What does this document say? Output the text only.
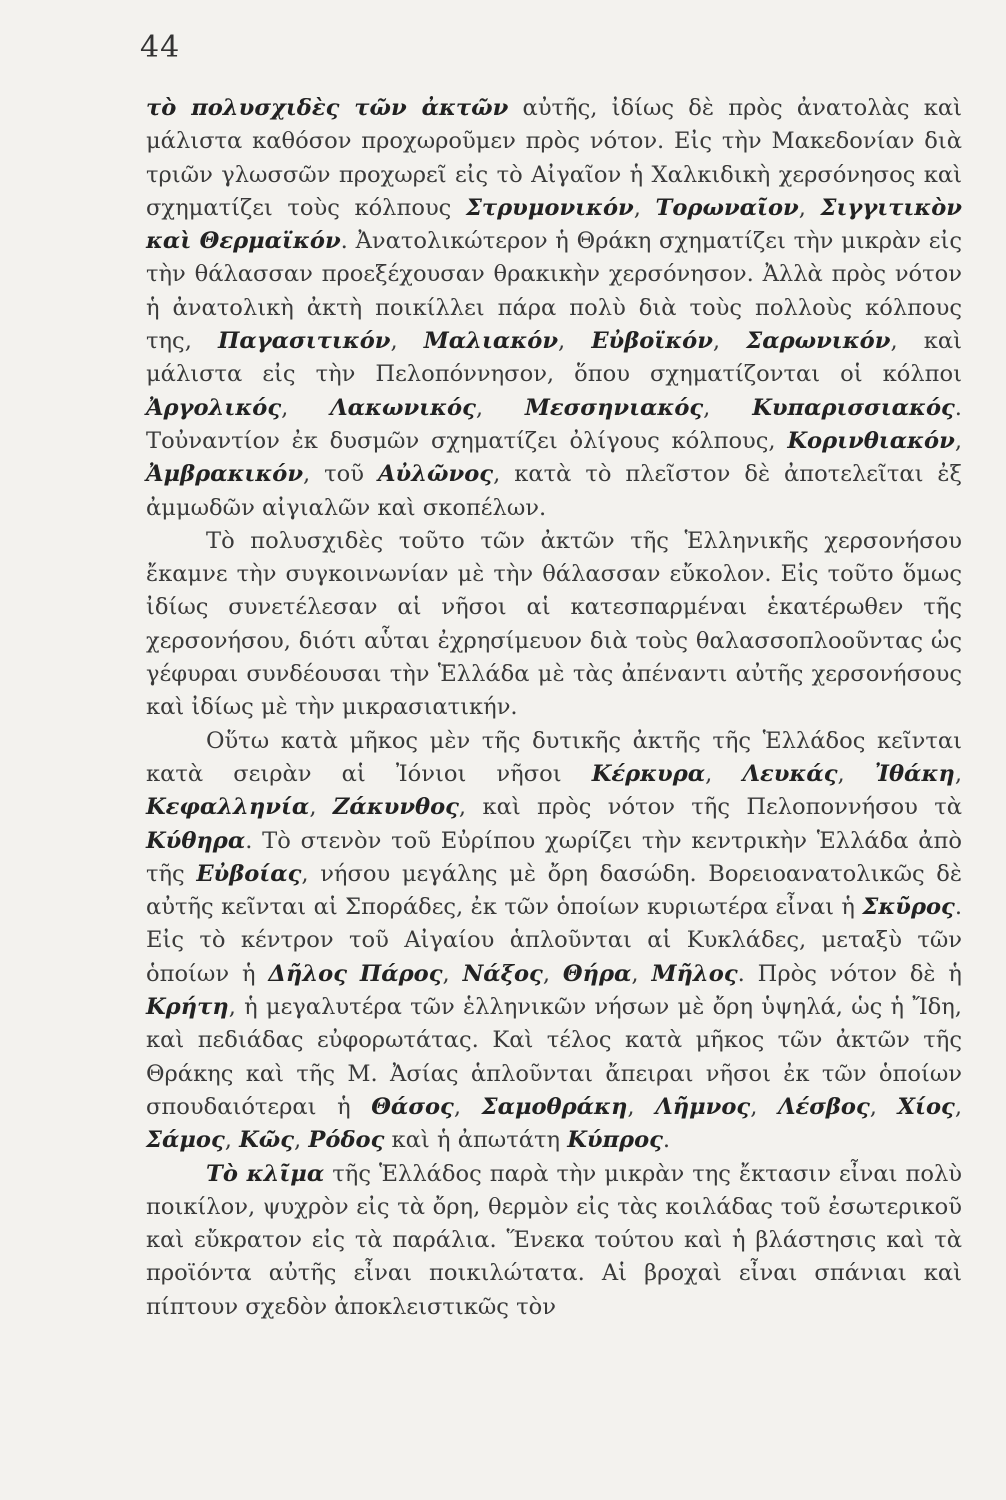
44

τὸ πολυσχιδὲς τῶν ἀκτῶν αὐτῆς, ἰδίως δὲ πρὸς ἀνατολὰς καὶ μάλιστα καθόσον προχωροῦμεν πρὸς νότον. Εἰς τὴν Μακεδονίαν διὰ τριῶν γλωσσῶν προχωρεῖ εἰς τὸ Αἰγαῖον ἡ Χαλκιδικὴ χερσόνησος καὶ σχηματίζει τοὺς κόλπους Στρυμονικόν, Τορωναῖον, Σιγγιτικὸν καὶ Θερμαϊκόν. Ἀνατολικώτερον ἡ Θράκη σχηματίζει τὴν μικρὰν εἰς τὴν θάλασσαν προεξέχουσαν θρακικὴν χερσόνησον. Ἀλλὰ πρὸς νότον ἡ ἀνατολικὴ ἀκτὴ ποικίλλει πάρα πολὺ διὰ τοὺς πολλοὺς κόλπους της, Παγασιτικόν, Μαλιακόν, Εὐβοϊκόν, Σαρωνικόν, καὶ μάλιστα εἰς τὴν Πελοπόννησον, ὅπου σχηματίζονται οἱ κόλποι Ἀργολικός, Λακωνικός, Μεσσηνιακός, Κυπαρισσιακός. Τοὐναντίον ἐκ δυσμῶν σχηματίζει ὀλίγους κόλπους, Κορινθιακόν, Ἀμβρακικόν, τοῦ Αὐλῶνος, κατὰ τὸ πλεῖστον δὲ ἀποτελεῖται ἐξ ἀμμωδῶν αἰγιαλῶν καὶ σκοπέλων.

Τὸ πολυσχιδὲς τοῦτο τῶν ἀκτῶν τῆς Ἑλληνικῆς χερσονήσου ἔκαμνε τὴν συγκοινωνίαν μὲ τὴν θάλασσαν εὔκολον. Εἰς τοῦτο ὅμως ἰδίως συνετέλεσαν αἱ νῆσοι αἱ κατεσπαρμέναι ἑκατέρωθεν τῆς χερσονήσου, διότι αὗται ἐχρησίμευον διὰ τοὺς θαλασσοπλοοῦντας ὡς γέφυραι συνδέουσαι τὴν Ἑλλάδα μὲ τὰς ἀπέναντι αὐτῆς χερσονήσους καὶ ἰδίως μὲ τὴν μικρασιατικήν.

Οὕτω κατὰ μῆκος μὲν τῆς δυτικῆς ἀκτῆς τῆς Ἑλλάδος κεῖνται κατὰ σειρὰν αἱ Ἰόνιοι νῆσοι Κέρκυρα, Λευκάς, Ἰθάκη, Κεφαλληνία, Ζάκυνθος, καὶ πρὸς νότον τῆς Πελοποννήσου τὰ Κύθηρα. Τὸ στενὸν τοῦ Εὐρίπου χωρίζει τὴν κεντρικὴν Ἑλλάδα ἀπὸ τῆς Εὐβοίας, νήσου μεγάλης μὲ ὄρη δασώδη. Βορειοανατολικῶς δὲ αὐτῆς κεῖνται αἱ Σποράδες, ἐκ τῶν ὁποίων κυριωτέρα εἶναι ἡ Σκῦρος. Εἰς τὸ κέντρον τοῦ Αἰγαίου ἁπλοῦνται αἱ Κυκλάδες, μεταξὺ τῶν ὁποίων ἡ Δῆλος Πάρος, Νάξος, Θήρα, Μῆλος. Πρὸς νότον δὲ ἡ Κρήτη, ἡ μεγαλυτέρα τῶν ἑλληνικῶν νήσων μὲ ὄρη ὑψηλά, ὡς ἡ Ἴδη, καὶ πεδιάδας εὐφορωτάτας. Καὶ τέλος κατὰ μῆκος τῶν ἀκτῶν τῆς Θράκης καὶ τῆς Μ. Ἀσίας ἁπλοῦνται ἄπειραι νῆσοι ἐκ τῶν ὁποίων σπουδαιότεραι ἡ Θάσος, Σαμοθράκη, Λῆμνος, Λέσβος, Χίος, Σάμος, Κῶς, Ρόδος καὶ ἡ ἀπωτάτη Κύπρος.

Τὸ κλῖμα τῆς Ἑλλάδος παρὰ τὴν μικρὰν της ἔκτασιν εἶναι πολὺ ποικίλον, ψυχρὸν εἰς τὰ ὄρη, θερμὸν εἰς τὰς κοιλάδας τοῦ ἐσωτερικοῦ καὶ εὔκρατον εἰς τὰ παράλια. Ἕνεκα τούτου καὶ ἡ βλάστησις καὶ τὰ προϊόντα αὐτῆς εἶναι ποικιλώτατα. Αἱ βροχαὶ εἶναι σπάνιαι καὶ πίπτουν σχεδὸν ἀποκλειστικῶς τὸν
